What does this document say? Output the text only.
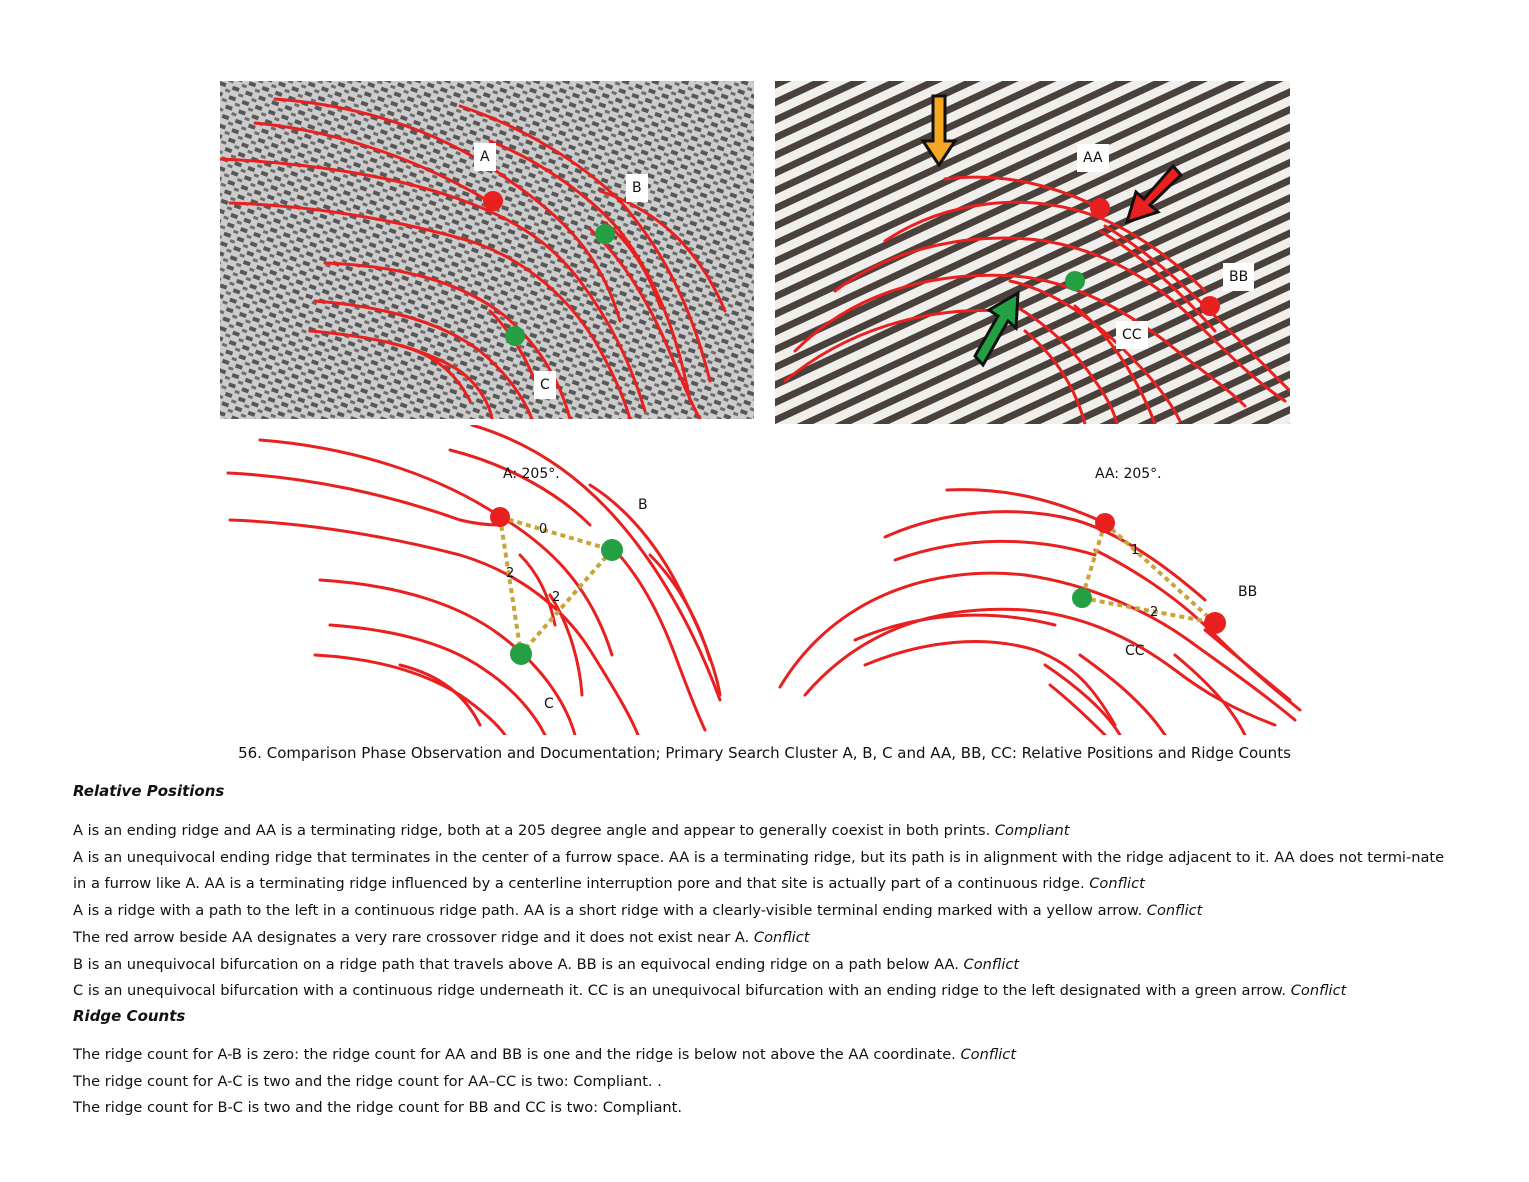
A
B
C
AA
BB
CC
A: 205°.
B
C
0
2
2
AA: 205°.
BB
CC
1
2
56. Comparison Phase Observation and Documentation; Primary Search Cluster A, B, C and AA, BB, CC: Relative Positions and Ridge Counts
Relative Positions

A is an ending ridge and AA is a terminating ridge, both at a 205 degree angle and appear to generally coexist in both prints. Compliant

A is an unequivocal ending ridge that terminates in the center of a furrow space. AA is a terminating ridge, but its path is in alignment with the ridge adjacent to it. AA does not termi-nate in a furrow like A. AA is a terminating ridge influenced by a centerline interruption pore and that site is actually part of a continuous ridge. Conflict

A is a ridge with a path to the left in a continuous ridge path. AA is a short ridge with a clearly-visible terminal ending marked with a yellow arrow. Conflict

The red arrow beside AA designates a very rare crossover ridge and it does not exist near A. Conflict

B is an unequivocal bifurcation on a ridge path that travels above A. BB is an equivocal ending ridge on a path below AA. Conflict

C is an unequivocal bifurcation with a continuous ridge underneath it. CC is an unequivocal bifurcation with an ending ridge to the left designated with a green arrow. Conflict

Ridge Counts

The ridge count for A-B is zero: the ridge count for AA and BB is one and the ridge is below not above the AA coordinate. Conflict

The ridge count for A-C is two and the ridge count for AA–CC is two: Compliant. .

The ridge count for B-C is two and the ridge count for BB and CC is two: Compliant.
